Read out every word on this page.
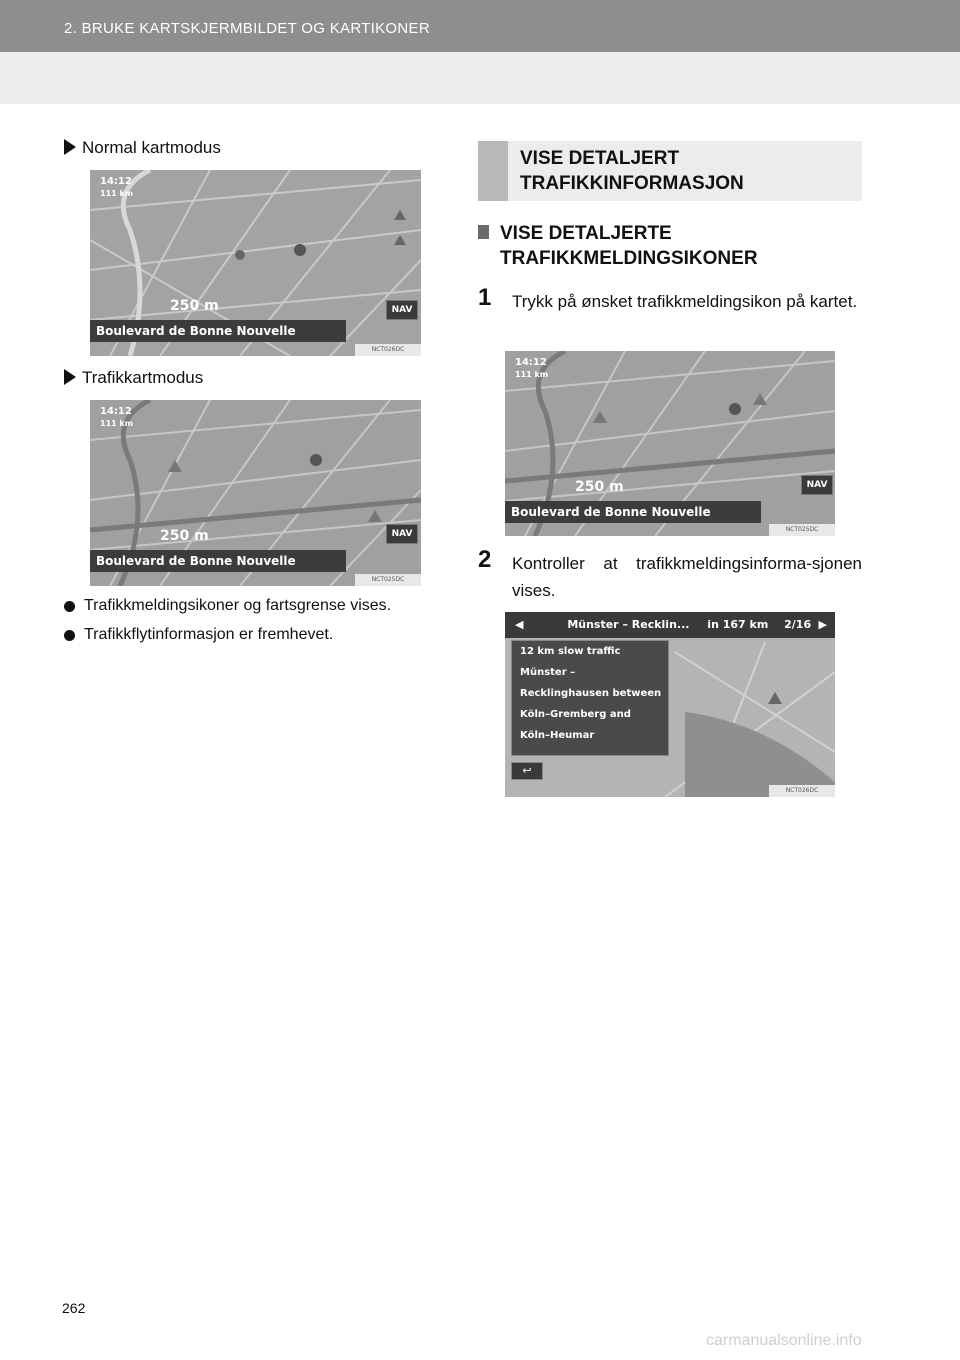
2. BRUKE KARTSKJERMBILDET OG KARTIKONER
Normal kartmodus
14:12
111 km
250 m	NAV
Boulevard de Bonne Nouvelle
NCT026DC
Trafikkartmodus
14:12
111 km
250 m	NAV
Boulevard de Bonne Nouvelle
NCT025DC
Trafikkmeldingsikoner og fartsgrense vises.
Trafikkflytinformasjon er fremhevet.
VISE DETALJERT TRAFIKKINFORMASJON
VISE DETALJERTE TRAFIKKMELDINGSIKONER
1	Trykk på ønsket trafikkmeldingsikon på kartet.
14:12
111 km
250 m	NAV
Boulevard de Bonne Nouvelle
NCT025DC
2	Kontroller at trafikkmeldingsinforma-sjonen vises.
◀	Münster – Recklin... in 167 km 2/16 ▶
12 km slow traffic
Münster –
Recklinghausen between
Köln–Gremberg and
Köln–Heumar
↩
NCT026DC
262
carmanualsonline.info
